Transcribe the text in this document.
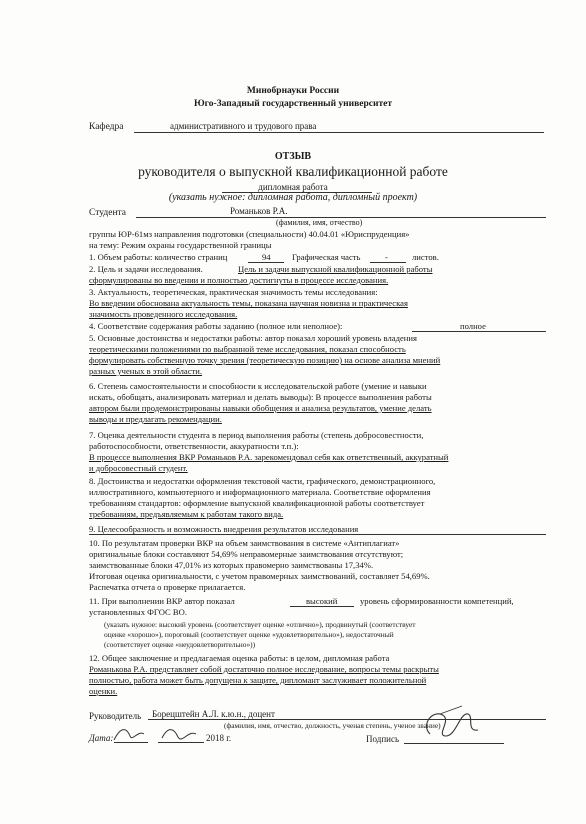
Минобрнауки России
Юго-Западный государственный университет
Кафедра	административного и трудового права
ОТЗЫВ
руководителя о выпускной квалификационной работе
дипломная работа
(указать нужное: дипломная работа, дипломный проект)
Студента	Романьков Р.А.
(фамилия, имя, отчество)
группы ЮР-61мз направления подготовки (специальности) 40.04.01 «Юриспруденция»
на тему: Режим охраны государственной границы
1. Объем работы: количество страниц	94 Графическая часть	-	листов.
2. Цель и задачи исследования.	Цель и задачи выпускной квалификационной работы
сформулированы во введении и полностью достигнуты в процессе исследования.
3. Актуальность, теоретическая, практическая значимость темы исследования:
Во введении обоснована актуальность темы, показана научная новизна и практическая
значимость проведенного исследования.
4. Соответствие содержания работы заданию (полное или неполное):	полное
5. Основные достоинства и недостатки работы: автор показал хороший уровень владения
теоретическими положениями по выбранной теме исследования, показал способность
формулировать собственную точку зрения (теоретическую позицию) на основе анализа мнений
разных ученых в этой области.
6. Степень самостоятельности и способности к исследовательской работе (умение и навыки
искать, обобщать, анализировать материал и делать выводы): В процессе выполнения работы
автором были продемонстрированы навыки обобщения и анализа результатов, умение делать
выводы и предлагать рекомендации.
7. Оценка деятельности студента в период выполнения работы (степень добросовестности,
работоспособности, ответственности, аккуратности т.п.):
В процессе выполнения ВКР Романьков Р.А. зарекомендовал себя как ответственный, аккуратный
и добросовестный студент.
8. Достоинства и недостатки оформления текстовой части, графического, демонстрационного,
иллюстративного, компьютерного и информационного материала. Соответствие оформления
требованиям стандартов: оформление выпускной квалификационной работы соответствует
требованиям, предъявляемым к работам такого вида.
9. Целесообразность и возможность внедрения результатов исследования
10. По результатам проверки ВКР на объем заимствования в системе «Антиплагиат»
оригинальные блоки составляют 54,69% неправомерные заимствования отсутствуют;
заимствованные блоки 47,01% из которых правомерно заимствованы 17,34%.
Итоговая оценка оригинальности, с учетом правомерных заимствований, составляет 54,69%.
Распечатка отчета о проверке прилагается.
11. При выполнении ВКР автор показал	высокий	уровень сформированности компетенций,
установленных ФГОС ВО.
(указать нужное: высокий уровень (соответствует оценке «отлично»), продвинутый (соответствует
оценке «хорошо»), пороговый (соответствует оценке «удовлетворительно»), недостаточный
(соответствует оценке «неудовлетворительно»))
12. Общее заключение и предлагаемая оценка работы: в целом, дипломная работа
Романькова Р.А. представляет собой достаточно полное исследование, вопросы темы раскрыты
полностью, работа может быть допущена к защите, дипломант заслуживает положительной
оценки.
Руководитель Борецштейн А.Л. к.ю.н., доцент
(фамилия, имя, отчество, должность, ученая степень, ученое звание)
Дата:	2018 г.	Подпись
